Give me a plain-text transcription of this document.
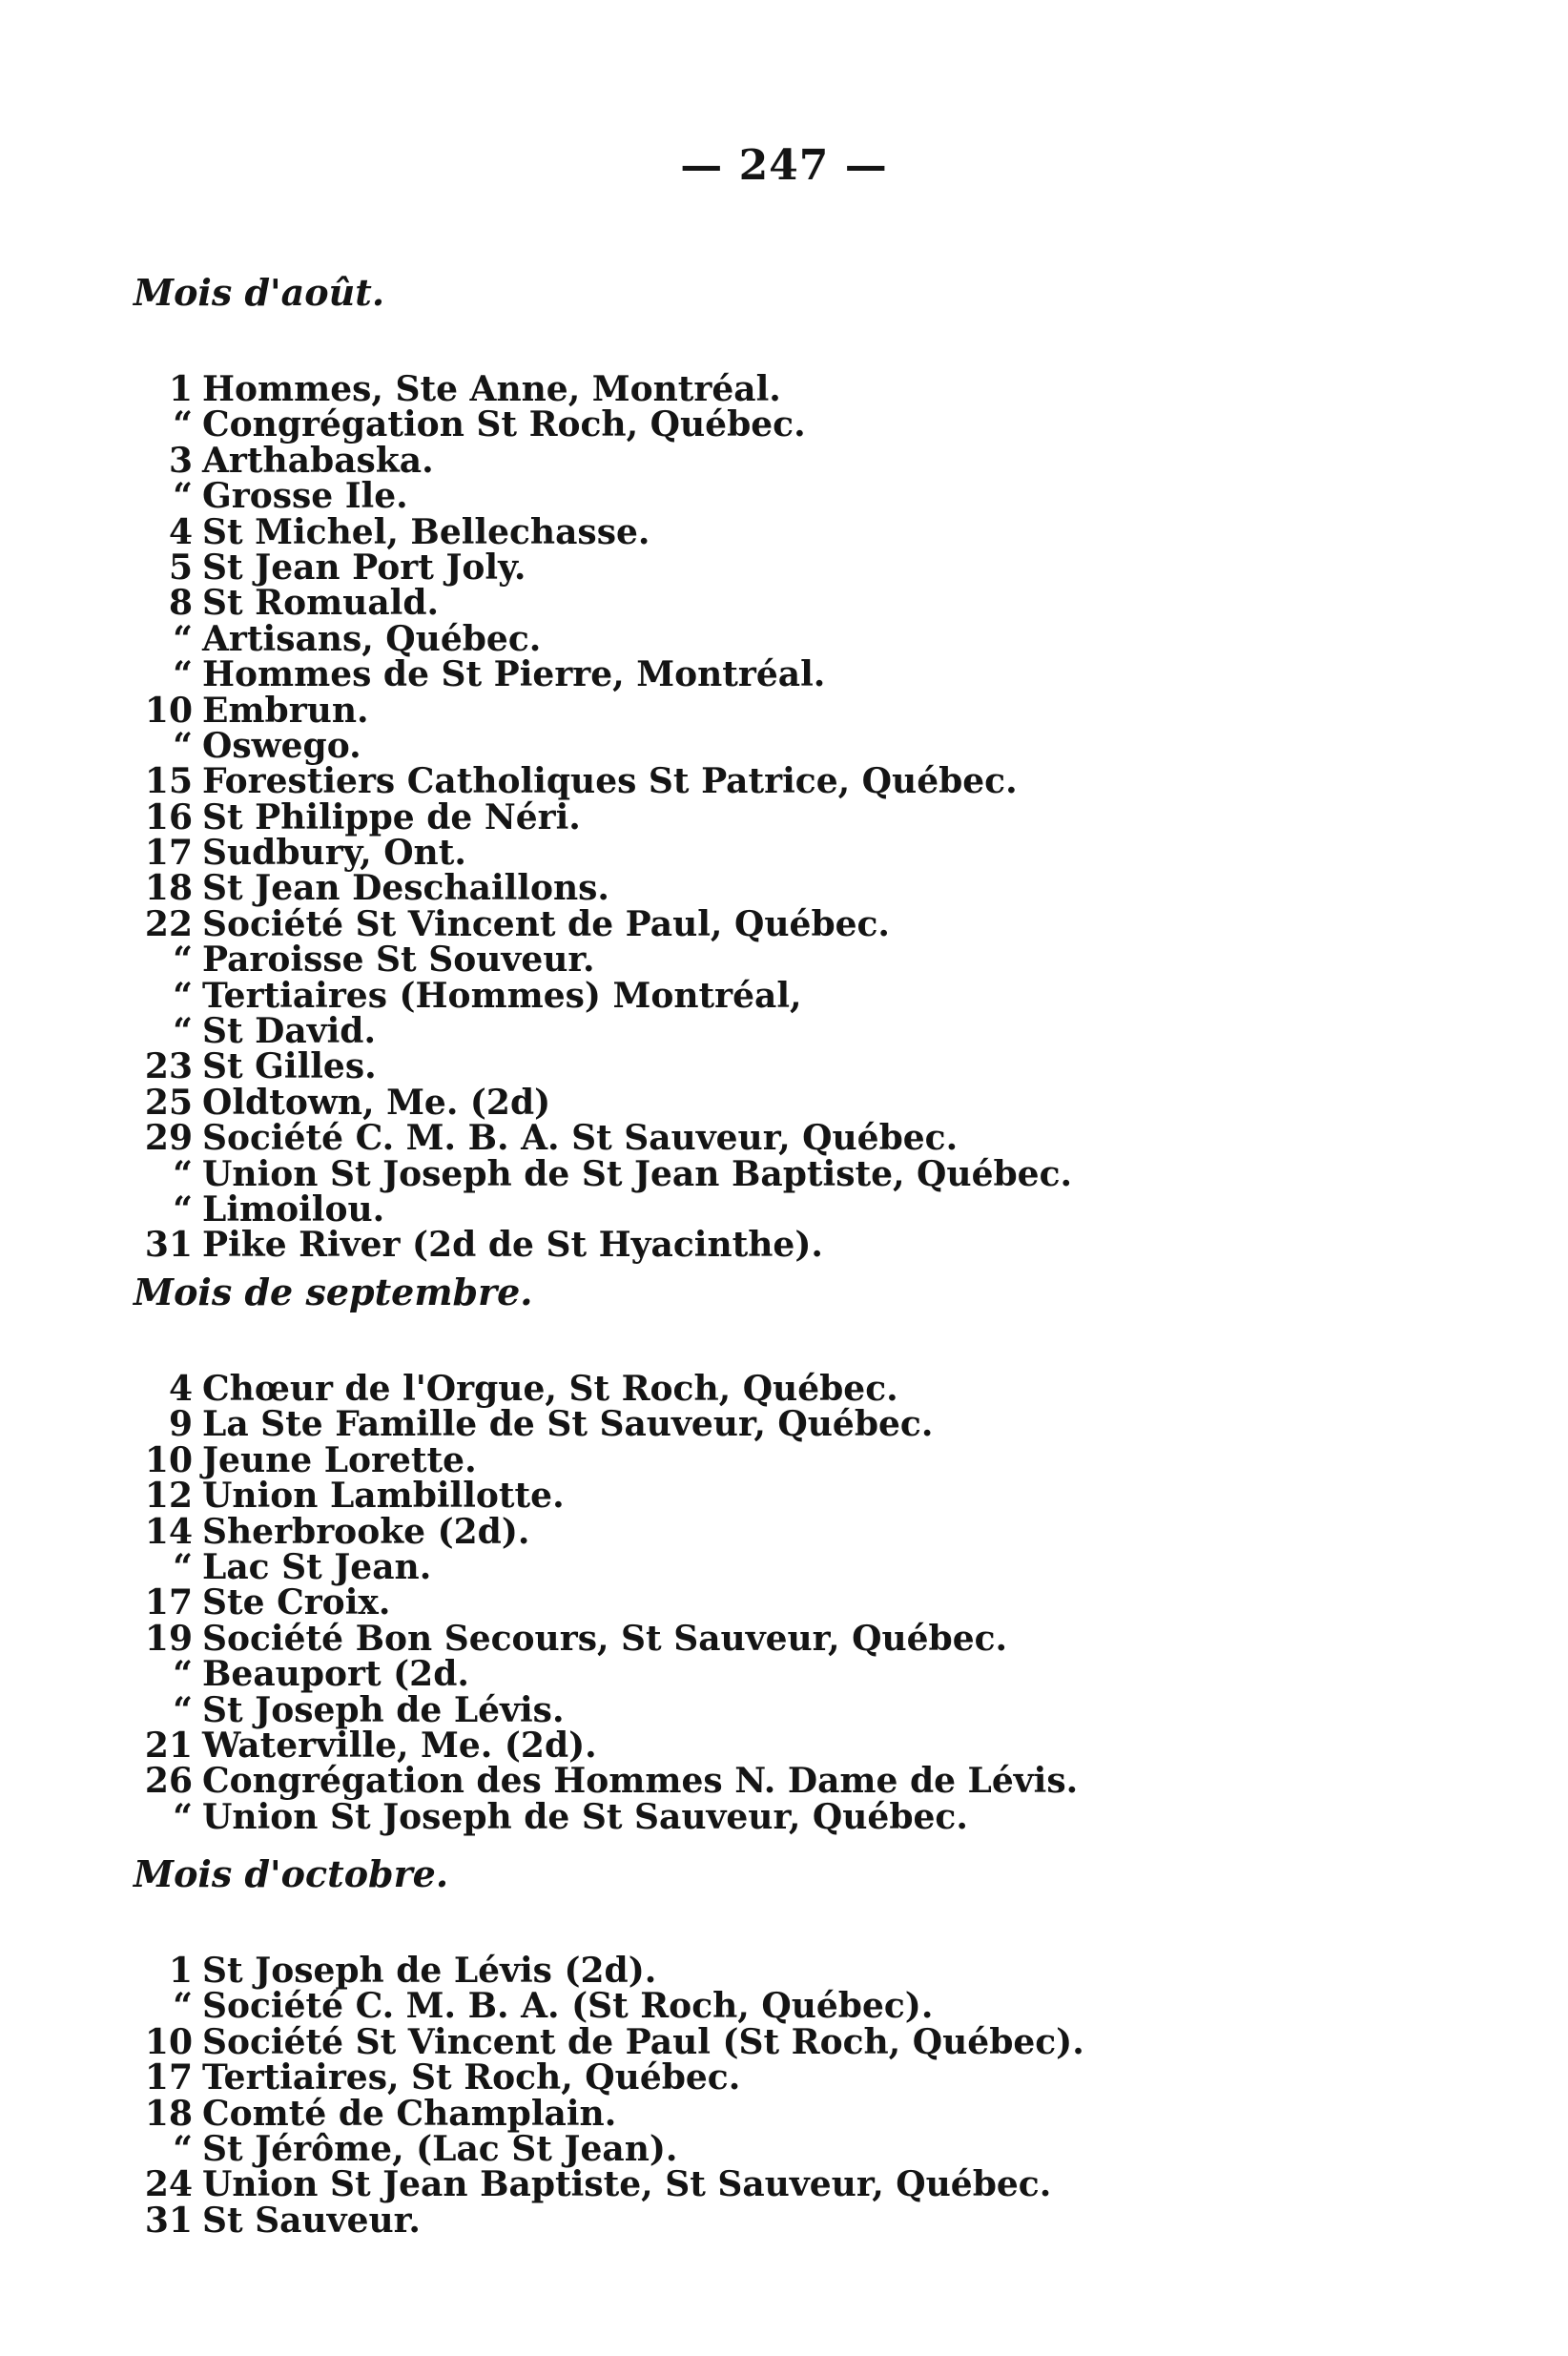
— 247 —
Mois d'août.
1 Hommes, Ste Anne, Montréal.
“ Congrégation St Roch, Québec.
3 Arthabaska.
“ Grosse Ile.
4 St Michel, Bellechasse.
5 St Jean Port Joly.
8 St Romuald.
“ Artisans, Québec.
“ Hommes de St Pierre, Montréal.
10 Embrun.
“ Oswego.
15 Forestiers Catholiques St Patrice, Québec.
16 St Philippe de Néri.
17 Sudbury, Ont.
18 St Jean Deschaillons.
22 Société St Vincent de Paul, Québec.
“ Paroisse St Souveur.
“ Tertiaires (Hommes) Montréal,
“ St David.
23 St Gilles.
25 Oldtown, Me. (2d)
29 Société C. M. B. A. St Sauveur, Québec.
“ Union St Joseph de St Jean Baptiste, Québec.
“ Limoilou.
31 Pike River (2d de St Hyacinthe).
Mois de septembre.
4 Chœur de l'Orgue, St Roch, Québec.
9 La Ste Famille de St Sauveur, Québec.
10 Jeune Lorette.
12 Union Lambillotte.
14 Sherbrooke (2d).
“ Lac St Jean.
17 Ste Croix.
19 Société Bon Secours, St Sauveur, Québec.
“ Beauport (2d.
“ St Joseph de Lévis.
21 Waterville, Me. (2d).
26 Congrégation des Hommes N. Dame de Lévis.
“ Union St Joseph de St Sauveur, Québec.
Mois d'octobre.
1 St Joseph de Lévis (2d).
“ Société C. M. B. A. (St Roch, Québec).
10 Société St Vincent de Paul (St Roch, Québec).
17 Tertiaires, St Roch, Québec.
18 Comté de Champlain.
“ St Jérôme, (Lac St Jean).
24 Union St Jean Baptiste, St Sauveur, Québec.
31 St Sauveur.
